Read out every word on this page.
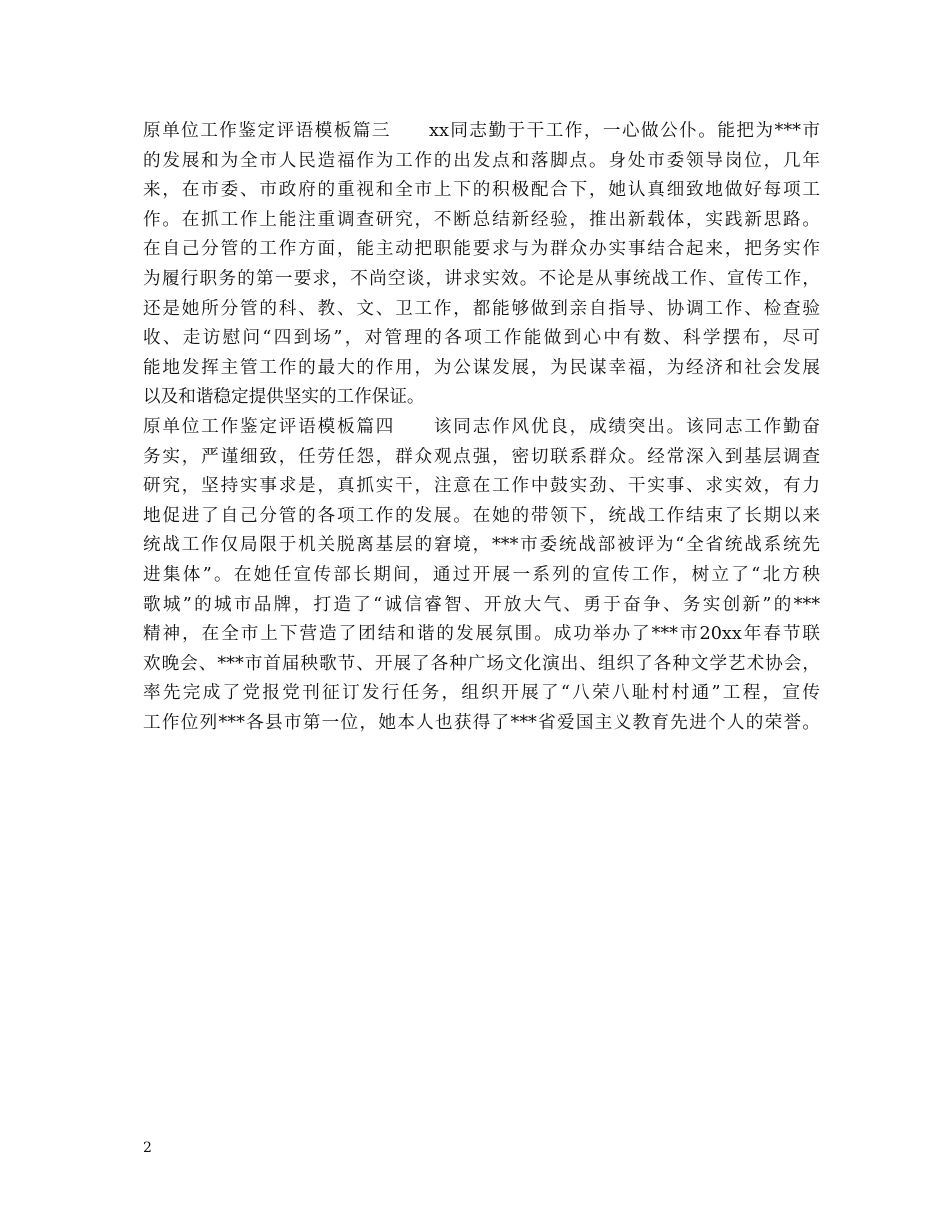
原单位工作鉴定评语模板篇三　　xx同志勤于干工作，一心做公仆。能把为***市
的发展和为全市人民造福作为工作的出发点和落脚点。身处市委领导岗位，几年
来，在市委、市政府的重视和全市上下的积极配合下，她认真细致地做好每项工
作。在抓工作上能注重调查研究，不断总结新经验，推出新载体，实践新思路。
在自己分管的工作方面，能主动把职能要求与为群众办实事结合起来，把务实作
为履行职务的第一要求，不尚空谈，讲求实效。不论是从事统战工作、宣传工作，
还是她所分管的科、教、文、卫工作，都能够做到亲自指导、协调工作、检查验
收、走访慰问“四到场”，对管理的各项工作能做到心中有数、科学摆布，尽可
能地发挥主管工作的最大的作用，为公谋发展，为民谋幸福，为经济和社会发展
以及和谐稳定提供坚实的工作保证。
原单位工作鉴定评语模板篇四　　该同志作风优良，成绩突出。该同志工作勤奋
务实，严谨细致，任劳任怨，群众观点强，密切联系群众。经常深入到基层调查
研究，坚持实事求是，真抓实干，注意在工作中鼓实劲、干实事、求实效，有力
地促进了自己分管的各项工作的发展。在她的带领下，统战工作结束了长期以来
统战工作仅局限于机关脱离基层的窘境，***市委统战部被评为“全省统战系统先
进集体”。在她任宣传部长期间，通过开展一系列的宣传工作，树立了“北方秧
歌城”的城市品牌，打造了“诚信睿智、开放大气、勇于奋争、务实创新”的***
精神，在全市上下营造了团结和谐的发展氛围。成功举办了***市20xx年春节联
欢晚会、***市首届秧歌节、开展了各种广场文化演出、组织了各种文学艺术协会，
率先完成了党报党刊征订发行任务，组织开展了“八荣八耻村村通”工程，宣传
工作位列***各县市第一位，她本人也获得了***省爱国主义教育先进个人的荣誉。
2
